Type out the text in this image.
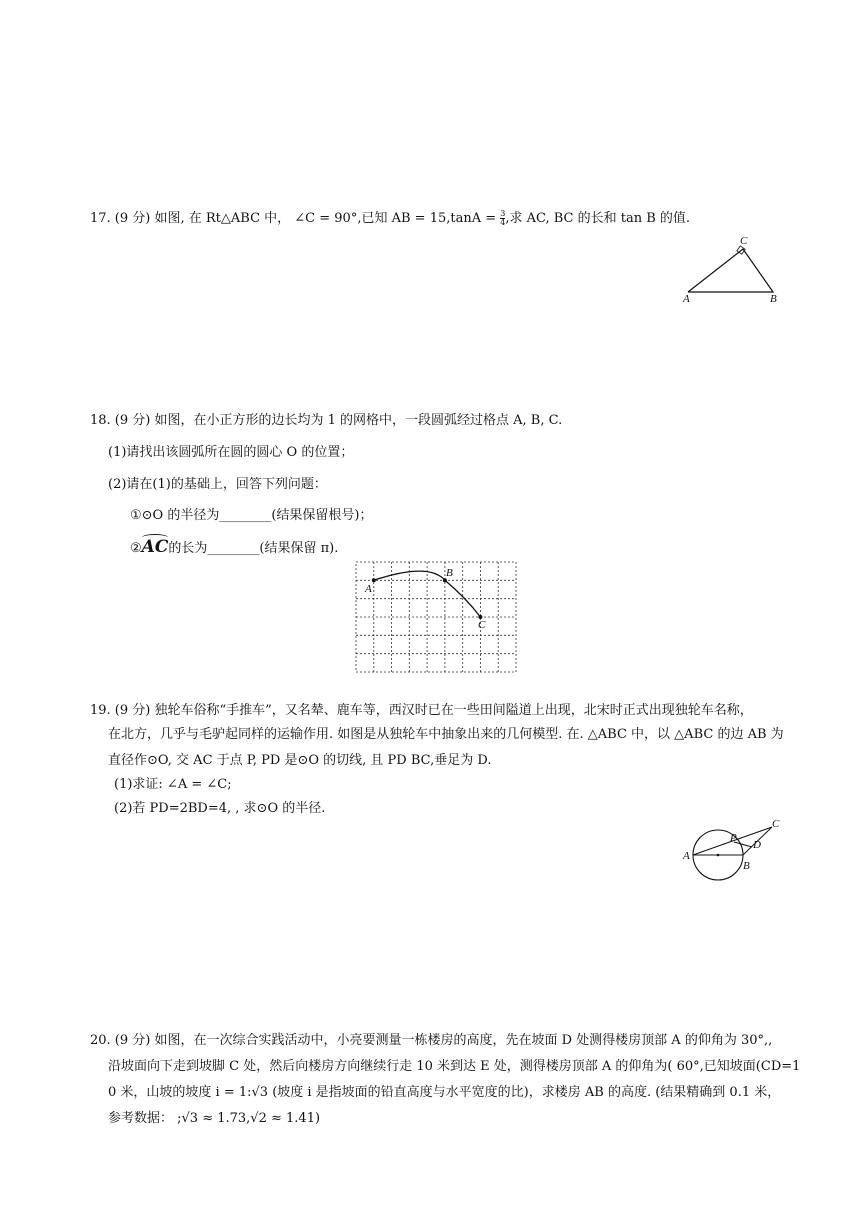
17. (9 分) 如图, 在 Rt△ABC 中， ∠C = 90°,已知 AB = $15,\tan A = \frac{3}{4}$ ,求 AC, BC 的长和 tan B 的值.
C
A	B
18. (9 分) 如图，在小正方形的边长均为 1 的网格中，一段圆弧经过格点 A, B, C.
(1)请找出该圆弧所在圆的圆心 O 的位置；
(2)请在(1)的基础上，回答下列问题：
①⊙O 的半径为________(结果保留根号)；
②
AC的长为________(结果保留 π).
A
B
C
19. (9 分) 独轮车俗称“手推车”，又名辇、鹿车等，西汉时已在一些田间隘道上出现，北宋时正式出现独轮车名称，
在北方，几乎与毛驴起同样的运输作用. 如图是从独轮车中抽象出来的几何模型. 在. △ABC 中，以 △ABC 的边 AB 为
直径作⊙O, 交 AC 于点 P, PD 是⊙O 的切线, 且 PD BC,垂足为 D.
(1)求证: ∠A = ∠C;
(2)若 PD=2BD=4, , 求⊙O 的半径.
P
C
D
A
B
20. (9 分) 如图，在一次综合实践活动中，小亮要测量一栋楼房的高度，先在坡面 D 处测得楼房顶部 A 的仰角为 30°,,
沿坡面向下走到坡脚 C 处，然后向楼房方向继续行走 10 米到达 E 处，测得楼房顶部 A 的仰角为( 60°,已知坡面(CD=1
0 米，山坡的坡度 i = 1:√3 (坡度 i 是指坡面的铅直高度与水平宽度的比)，求楼房 AB 的高度. (结果精确到 0.1 米，
参考数据： ;√3 ≈ 1.73,√2 ≈ 1.41)
